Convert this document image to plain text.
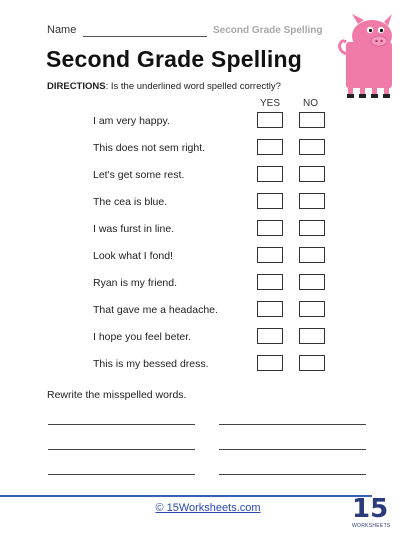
Name	Second Grade Spelling
Second Grade Spelling
DIRECTIONS: Is the underlined word spelled correctly?
YES NO
I am very happy.
This does not sem right.
Let's get some rest.
The cea is blue.
I was furst in line.
Look what I fond!
Ryan is my friend.
That gave me a headache.
I hope you feel beter.
This is my bessed dress.
Rewrite the misspelled words.
© 15Worksheets.com	15
WORKSHEETS
